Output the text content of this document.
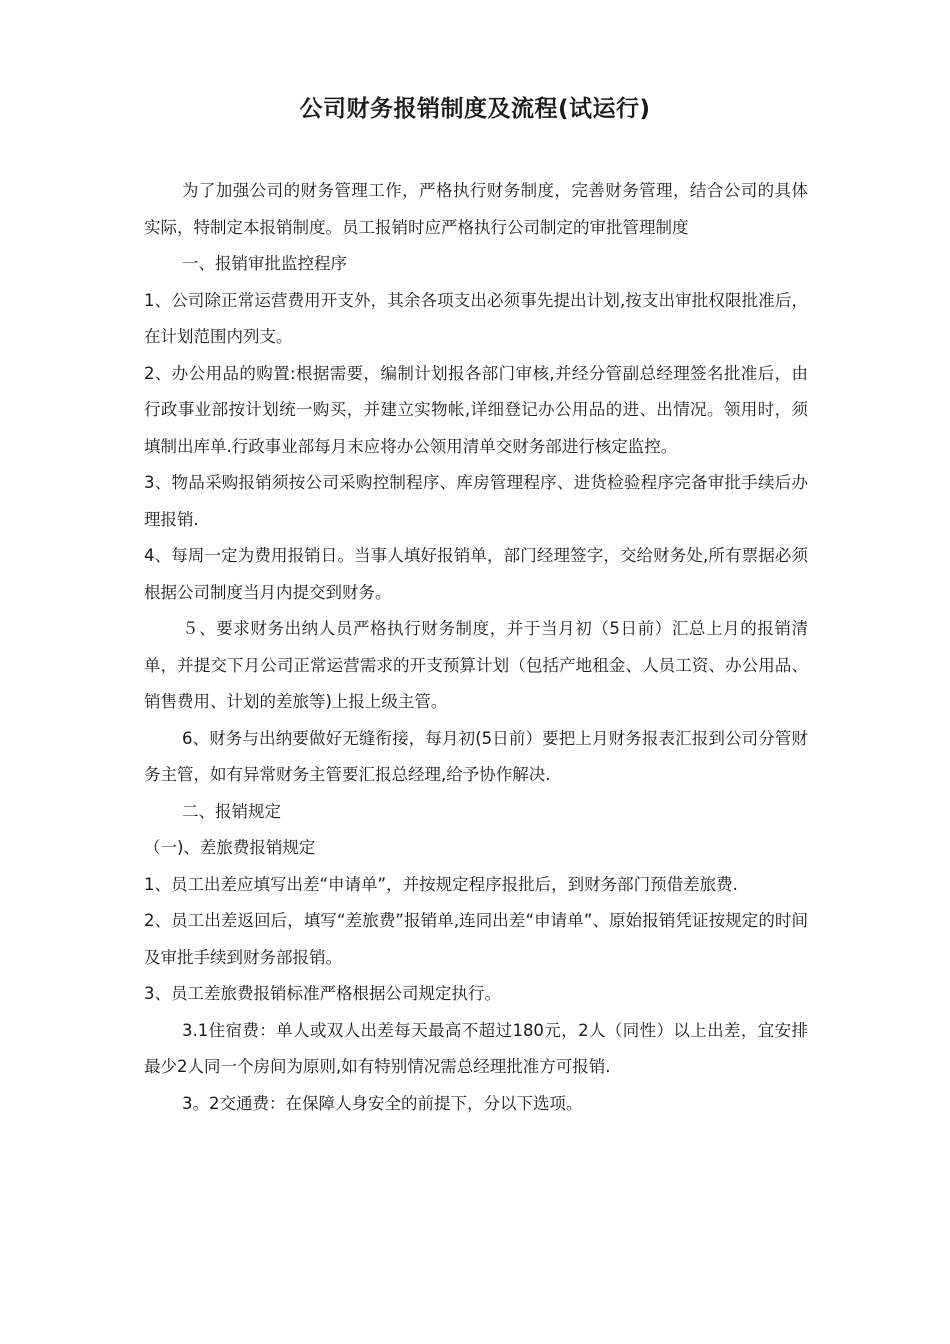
公司财务报销制度及流程(试运行)

为了加强公司的财务管理工作，严格执行财务制度，完善财务管理，结合公司的具体实际，特制定本报销制度。员工报销时应严格执行公司制定的审批管理制度

一、报销审批监控程序

1、公司除正常运营费用开支外，其余各项支出必须事先提出计划,按支出审批权限批准后，在计划范围内列支。

2、办公用品的购置:根据需要，编制计划报各部门审核,并经分管副总经理签名批准后，由行政事业部按计划统一购买，并建立实物帐,详细登记办公用品的进、出情况。领用时，须填制出库单.行政事业部每月末应将办公领用清单交财务部进行核定监控。

3、物品采购报销须按公司采购控制程序、库房管理程序、进货检验程序完备审批手续后办理报销.

4、每周一定为费用报销日。当事人填好报销单，部门经理签字，交给财务处,所有票据必须根据公司制度当月内提交到财务。

５、要求财务出纳人员严格执行财务制度，并于当月初（5日前）汇总上月的报销清单，并提交下月公司正常运营需求的开支预算计划（包括产地租金、人员工资、办公用品、销售费用、计划的差旅等)上报上级主管。

6、财务与出纳要做好无缝衔接，每月初(5日前）要把上月财务报表汇报到公司分管财务主管，如有异常财务主管要汇报总经理,给予协作解决.

二、报销规定

（一)、差旅费报销规定

1、员工出差应填写出差“申请单”，并按规定程序报批后，到财务部门预借差旅费.

2、员工出差返回后，填写“差旅费”报销单,连同出差“申请单”、原始报销凭证按规定的时间及审批手续到财务部报销。

3、员工差旅费报销标准严格根据公司规定执行。

3.1住宿费：单人或双人出差每天最高不超过180元，2人（同性）以上出差，宜安排最少2人同一个房间为原则,如有特别情况需总经理批准方可报销.

3。2交通费：在保障人身安全的前提下，分以下选项。
